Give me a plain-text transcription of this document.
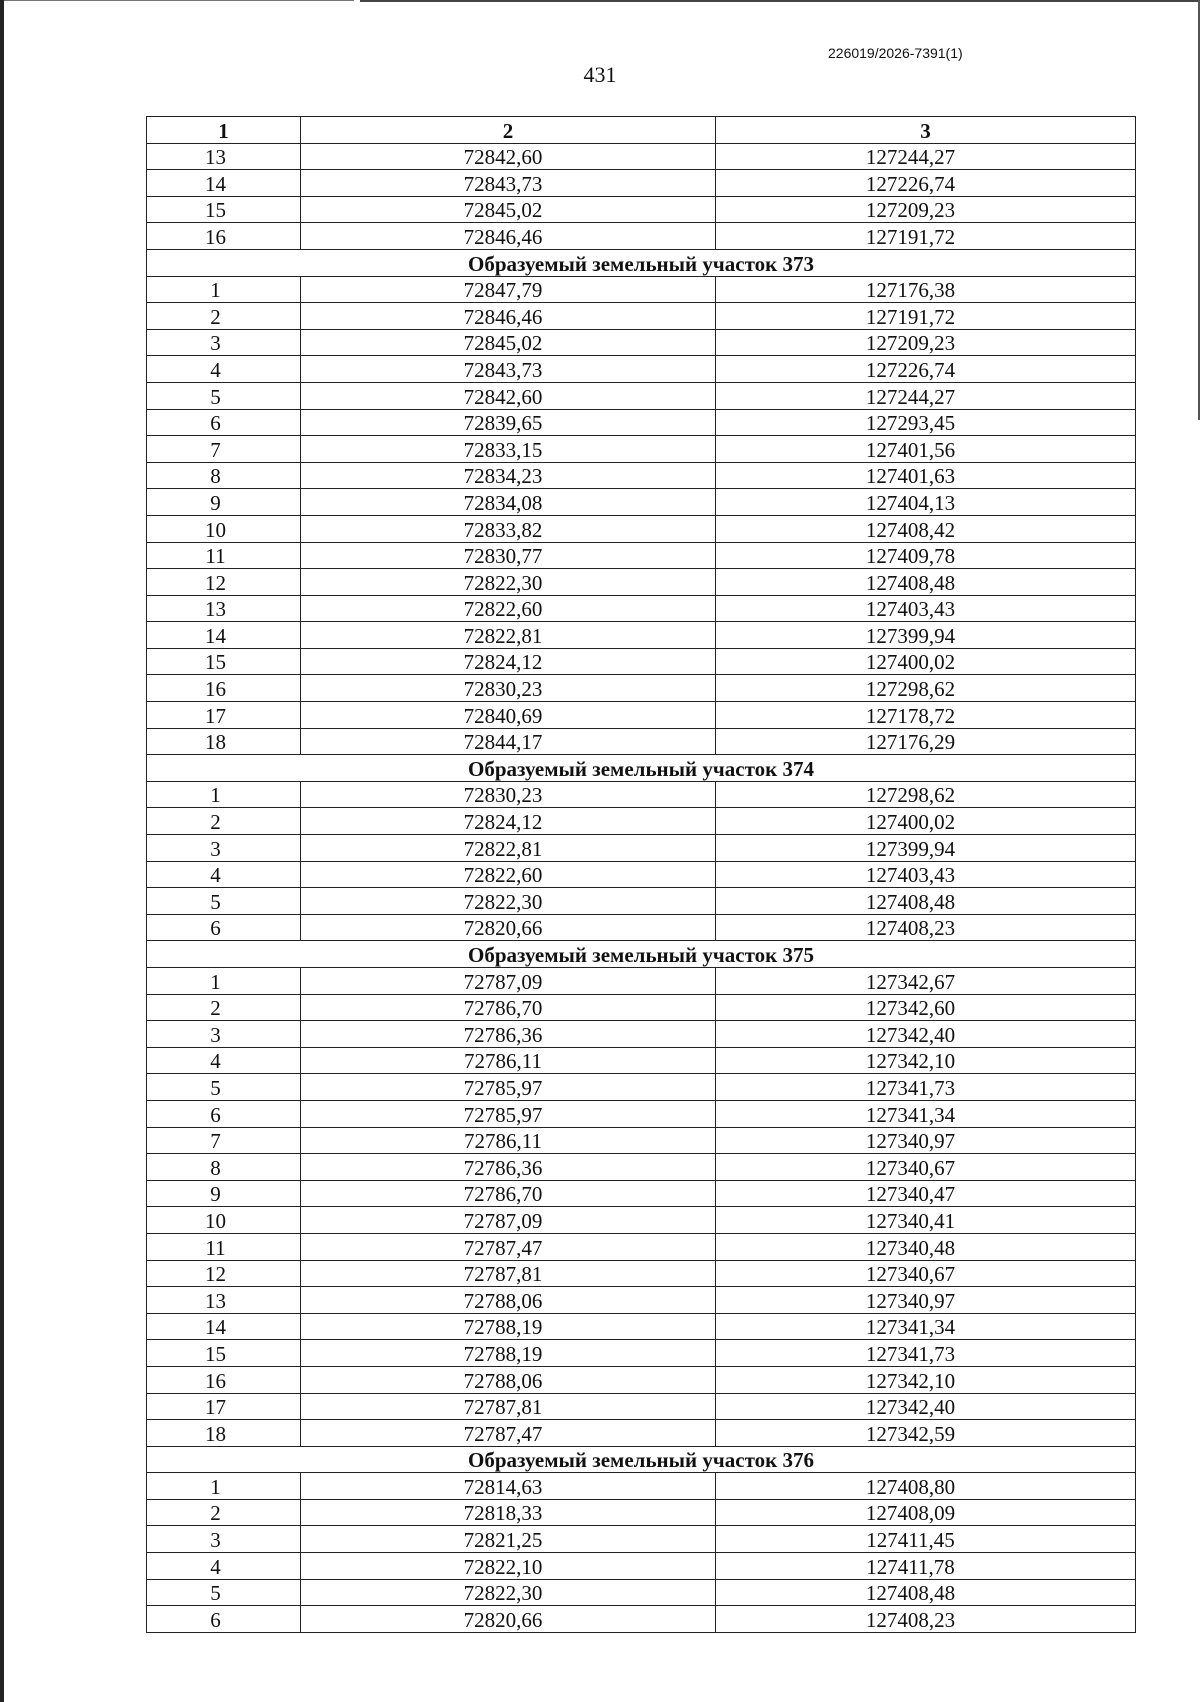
226019/2026-7391(1)
431
1	2	3
13	72842,60	127244,27
14	72843,73	127226,74
15	72845,02	127209,23
16	72846,46	127191,72
Образуемый земельный участок 373		
1	72847,79	127176,38
2	72846,46	127191,72
3	72845,02	127209,23
4	72843,73	127226,74
5	72842,60	127244,27
6	72839,65	127293,45
7	72833,15	127401,56
8	72834,23	127401,63
9	72834,08	127404,13
10	72833,82	127408,42
11	72830,77	127409,78
12	72822,30	127408,48
13	72822,60	127403,43
14	72822,81	127399,94
15	72824,12	127400,02
16	72830,23	127298,62
17	72840,69	127178,72
18	72844,17	127176,29
Образуемый земельный участок 374		
1	72830,23	127298,62
2	72824,12	127400,02
3	72822,81	127399,94
4	72822,60	127403,43
5	72822,30	127408,48
6	72820,66	127408,23
Образуемый земельный участок 375		
1	72787,09	127342,67
2	72786,70	127342,60
3	72786,36	127342,40
4	72786,11	127342,10
5	72785,97	127341,73
6	72785,97	127341,34
7	72786,11	127340,97
8	72786,36	127340,67
9	72786,70	127340,47
10	72787,09	127340,41
11	72787,47	127340,48
12	72787,81	127340,67
13	72788,06	127340,97
14	72788,19	127341,34
15	72788,19	127341,73
16	72788,06	127342,10
17	72787,81	127342,40
18	72787,47	127342,59
Образуемый земельный участок 376		
1	72814,63	127408,80
2	72818,33	127408,09
3	72821,25	127411,45
4	72822,10	127411,78
5	72822,30	127408,48
6	72820,66	127408,23
